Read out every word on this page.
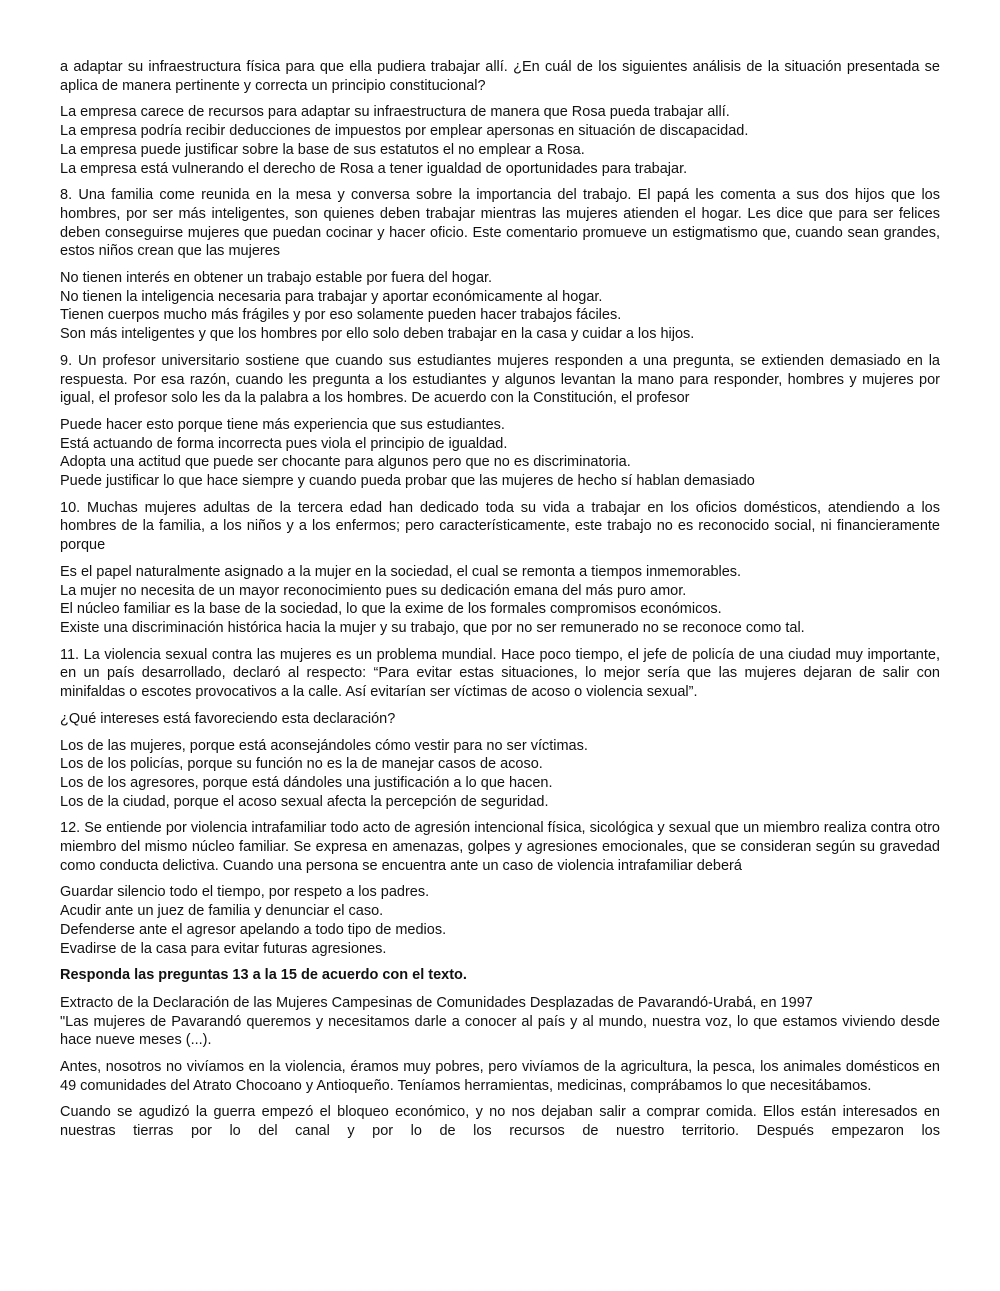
a adaptar su infraestructura física para que ella pudiera trabajar allí. ¿En cuál de los siguientes análisis de la situación presentada se aplica de manera pertinente y correcta un principio constitucional?

La empresa carece de recursos para adaptar su infraestructura de manera que Rosa pueda trabajar allí.
La empresa podría recibir deducciones de impuestos por emplear apersonas en situación de discapacidad.
La empresa puede justificar sobre la base de sus estatutos el no emplear a Rosa.
La empresa está vulnerando el derecho de Rosa a tener igualdad de oportunidades para trabajar.

8. Una familia come reunida en la mesa y conversa sobre la importancia del trabajo. El papá les comenta a sus dos hijos que los hombres, por ser más inteligentes, son quienes deben trabajar mientras las mujeres atienden el hogar. Les dice que para ser felices deben conseguirse mujeres que puedan cocinar y hacer oficio. Este comentario promueve un estigmatismo que, cuando sean grandes, estos niños crean que las mujeres

No tienen interés en obtener un trabajo estable por fuera del hogar.
No tienen la inteligencia necesaria para trabajar y aportar económicamente al hogar.
Tienen cuerpos mucho más frágiles y por eso solamente pueden hacer trabajos fáciles.
Son más inteligentes y que los hombres por ello solo deben trabajar en la casa y cuidar a los hijos.

9. Un profesor universitario sostiene que cuando sus estudiantes mujeres responden a una pregunta, se extienden demasiado en la respuesta. Por esa razón, cuando les pregunta a los estudiantes y algunos levantan la mano para responder, hombres y mujeres por igual, el profesor solo les da la palabra a los hombres. De acuerdo con la Constitución, el profesor

Puede hacer esto porque tiene más experiencia que sus estudiantes.
Está actuando de forma incorrecta pues viola el principio de igualdad.
Adopta una actitud que puede ser chocante para algunos pero que no es discriminatoria.
Puede justificar lo que hace siempre y cuando pueda probar que las mujeres de hecho sí hablan demasiado

10. Muchas mujeres adultas de la tercera edad han dedicado toda su vida a trabajar en los oficios domésticos, atendiendo a los hombres de la familia, a los niños y a los enfermos; pero característicamente, este trabajo no es reconocido social, ni financieramente porque

Es el papel naturalmente asignado a la mujer en la sociedad, el cual se remonta a tiempos inmemorables.
La mujer no necesita de un mayor reconocimiento pues su dedicación emana del más puro amor.
El núcleo familiar es la base de la sociedad, lo que la exime de los formales compromisos económicos.
Existe una discriminación histórica hacia la mujer y su trabajo, que por no ser remunerado no se reconoce como tal.

11. La violencia sexual contra las mujeres es un problema mundial. Hace poco tiempo, el jefe de policía de una ciudad muy importante, en un país desarrollado, declaró al respecto: “Para evitar estas situaciones, lo mejor sería que las mujeres dejaran de salir con minifaldas o escotes provocativos a la calle. Así evitarían ser víctimas de acoso o violencia sexual”.

¿Qué intereses está favoreciendo esta declaración?

Los de las mujeres, porque está aconsejándoles cómo vestir para no ser víctimas.
Los de los policías, porque su función no es la de manejar casos de acoso.
Los de los agresores, porque está dándoles una justificación a lo que hacen.
Los de la ciudad, porque el acoso sexual afecta la percepción de seguridad.

12. Se entiende por violencia intrafamiliar todo acto de agresión intencional física, sicológica y sexual que un miembro realiza contra otro miembro del mismo núcleo familiar. Se expresa en amenazas, golpes y agresiones emocionales, que se consideran según su gravedad como conducta delictiva. Cuando una persona se encuentra ante un caso de violencia intrafamiliar deberá

Guardar silencio todo el tiempo, por respeto a los padres.
Acudir ante un juez de familia y denunciar el caso.
Defenderse ante el agresor apelando a todo tipo de medios.
Evadirse de la casa para evitar futuras agresiones.

Responda las preguntas 13 a la 15 de acuerdo con el texto.

Extracto de la Declaración de las Mujeres Campesinas de Comunidades Desplazadas de Pavarandó-Urabá, en 1997
"Las mujeres de Pavarandó queremos y necesitamos darle a conocer al país y al mundo, nuestra voz, lo que estamos viviendo desde hace nueve meses (...).

Antes, nosotros no vivíamos en la violencia, éramos muy pobres, pero vivíamos de la agricultura, la pesca, los animales domésticos en 49 comunidades del Atrato Chocoano y Antioqueño. Teníamos herramientas, medicinas, comprábamos lo que necesitábamos.

Cuando se agudizó la guerra empezó el bloqueo económico, y no nos dejaban salir a comprar comida. Ellos están interesados en nuestras tierras por lo del canal y por lo de los recursos de nuestro territorio. Después empezaron los
